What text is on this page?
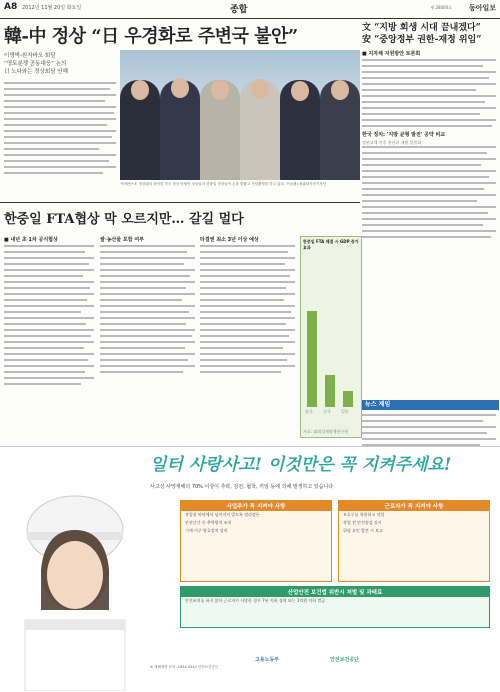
A8 2012년 11월 20일 화요일	종합	제 28000호 동아일보
韓-中 정상 “日 우경화로 주변국 불안”
이명박-원자바오 회담
“영토분쟁 공동대응” 논의
日 노다와는 정상회담 안해
‘아세안+3’ 정상회의 참석한 각국 정상 아세안 정상들과 한중일 정상들이 손을 맞잡고 기념촬영을 하고 있다. 프놈펜=청와대사진기자단
文 “지방 회생 시대 끝내겠다”
安 “중앙정부 권한-재정 위임”
■ 지자체 지원방안 토론회
한국 정치: '지방 균형 발전' 공약 비교
정권교체 이후 권한과 재원 일원화
한중일 FTA협상 막 오르지만… 갈길 멀다
■ 내년 초 1차 공식협상	쌀·농산물 포함 여부	타결엔 최소 3년 이상 예상	한중일 FTA 체결 시 GDP 증가 효과
자료: 대외경제정책연구원
한국	중국	일본
뉴스 제임
일터 사랑사고! 이것만은 꼭 지켜주세요!
사고성 사망재해의 70% 이상이 추락, 감전, 협착, 끼임 등에 의해 발생하고 있습니다
사업주가 꼭 지켜야 사항
작업장 바닥에서 넘어지지 않도록 정리정돈
안전난간 등 추락방지 조치
기계·기구 방호장치 설치
근로자가 꼭 지켜야 사항
보호구를 착용하고 작업
작업 전 안전점검 실시
위험 요인 발견 시 보고
산업안전 보건법 위반시 처벌 및 과태료
안전조치를 하지 않아 근로자가 사망한 경우 7년 이하 징역 또는 1억원 이하 벌금
고용노동부	안전보건공단
※ 재해예방 문의: 1644-4544 안전보건공단
